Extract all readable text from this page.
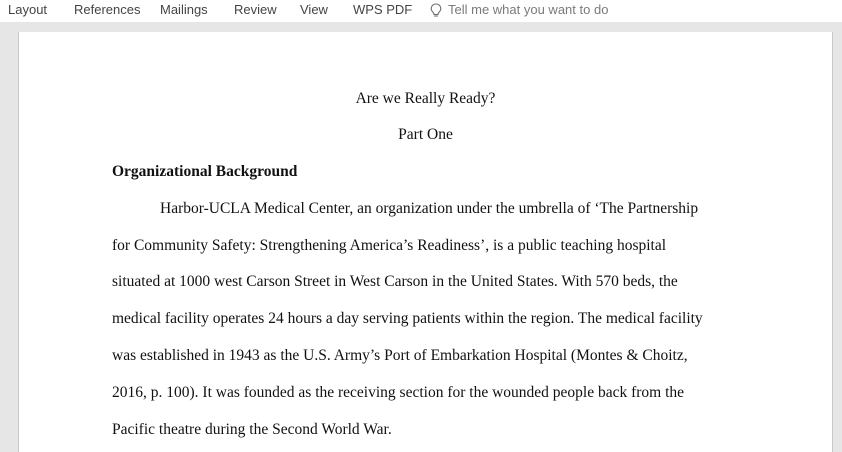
Layout References Mailings Review View WPS PDF	Tell me what you want to do
Are we Really Ready?
Part One
Organizational Background
Harbor-UCLA Medical Center, an organization under the umbrella of ‘The Partnership
for Community Safety: Strengthening America’s Readiness’, is a public teaching hospital
situated at 1000 west Carson Street in West Carson in the United States. With 570 beds, the
medical facility operates 24 hours a day serving patients within the region. The medical facility
was established in 1943 as the U.S. Army’s Port of Embarkation Hospital (Montes & Choitz,
2016, p. 100). It was founded as the receiving section for the wounded people back from the
Pacific theatre during the Second World War.
